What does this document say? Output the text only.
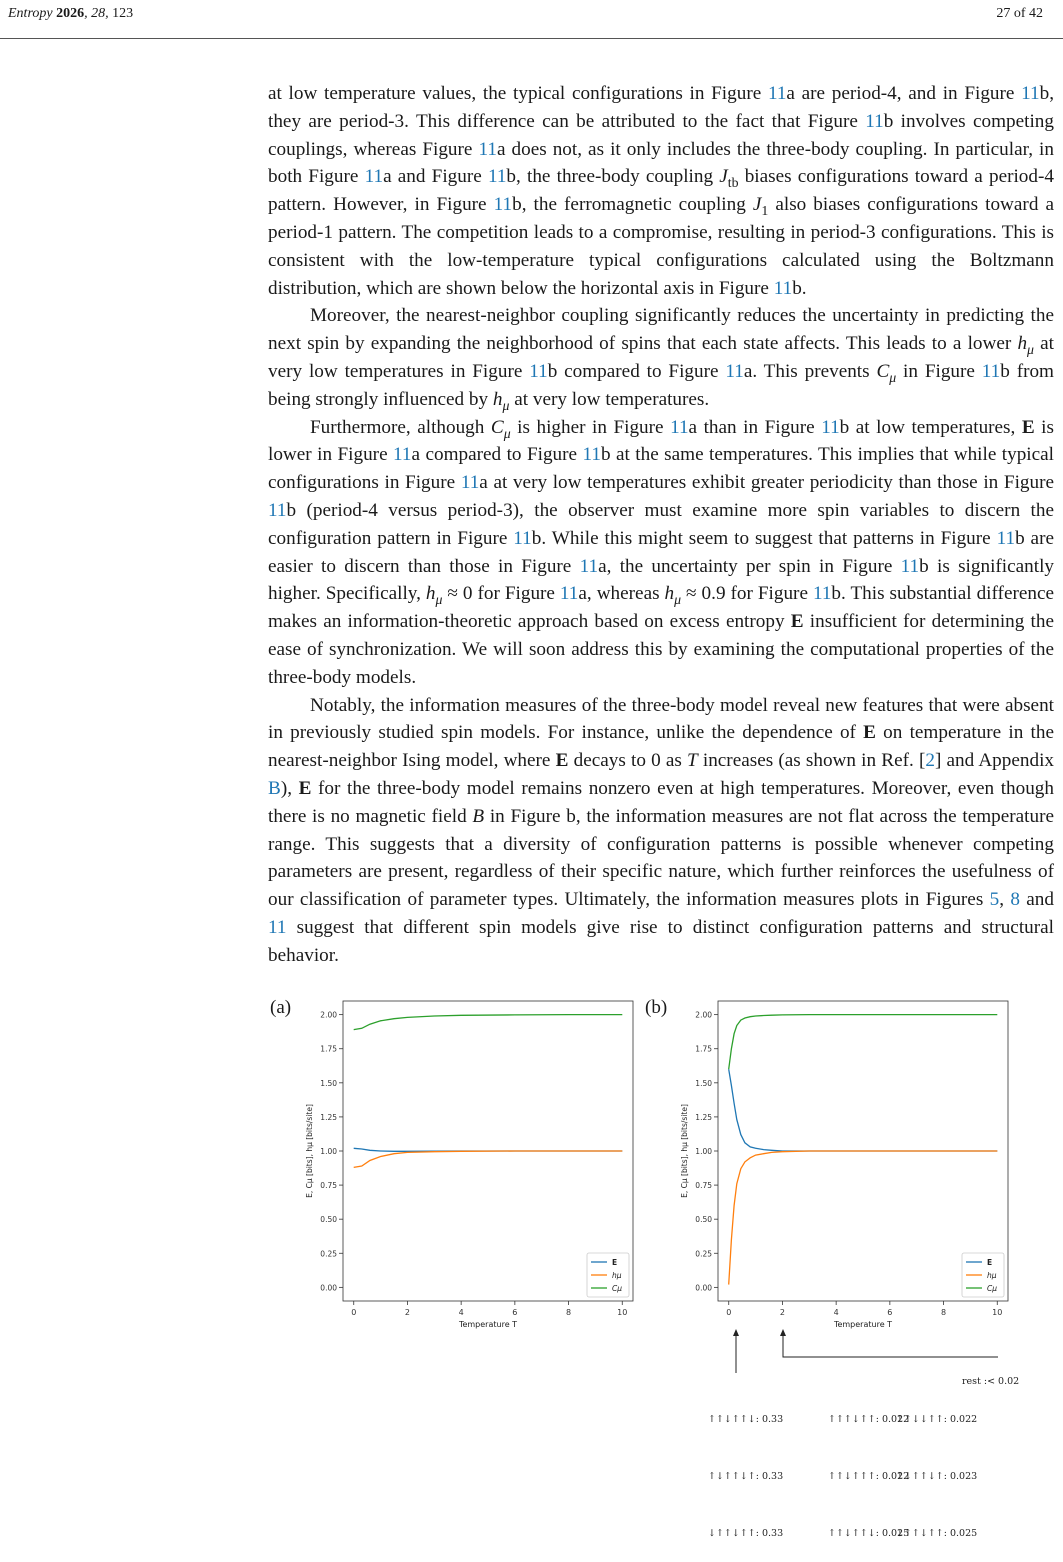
Entropy 2026, 28, 123	27 of 42

at low temperature values, the typical configurations in Figure 11a are period-4, and in Figure 11b, they are period-3. This difference can be attributed to the fact that Figure 11b involves competing couplings, whereas Figure 11a does not, as it only includes the three-body coupling. In particular, in both Figure 11a and Figure 11b, the three-body coupling $J_{tb}$ biases configurations toward a period-4 pattern. However, in Figure 11b, the ferromagnetic coupling $J_1$ also biases configurations toward a period-1 pattern. The competition leads to a compromise, resulting in period-3 configurations. This is consistent with the low-temperature typical configurations calculated using the Boltzmann distribution, which are shown below the horizontal axis in Figure 11b.

Moreover, the nearest-neighbor coupling significantly reduces the uncertainty in predicting the next spin by expanding the neighborhood of spins that each state affects. This leads to a lower $h_\mu$ at very low temperatures in Figure 11b compared to Figure 11a. This prevents $C_\mu$ in Figure 11b from being strongly influenced by $h_\mu$ at very low temperatures.

Furthermore, although $C_\mu$ is higher in Figure 11a than in Figure 11b at low temperatures, E is lower in Figure 11a compared to Figure 11b at the same temperatures. This implies that while typical configurations in Figure 11a at very low temperatures exhibit greater periodicity than those in Figure 11b (period-4 versus period-3), the observer must examine more spin variables to discern the configuration pattern in Figure 11b. While this might seem to suggest that patterns in Figure 11b are easier to discern than those in Figure 11a, the uncertainty per spin in Figure 11b is significantly higher. Specifically, $h_\mu \approx 0$ for Figure 11a, whereas $h_\mu \approx 0.9$ for Figure 11b. This substantial difference makes an information-theoretic approach based on excess entropy E insufficient for determining the ease of synchronization. We will soon address this by examining the computational properties of the three-body models.

Notably, the information measures of the three-body model reveal new features that were absent in previously studied spin models. For instance, unlike the dependence of E on temperature in the nearest-neighbor Ising model, where E decays to 0 as T increases (as shown in Ref. [2] and Appendix B), E for the three-body model remains nonzero even at high temperatures. Moreover, even though there is no magnetic field B in Figure b, the information measures are not flat across the temperature range. This suggests that a diversity of configuration patterns is possible whenever competing parameters are present, regardless of their specific nature, which further reinforces the usefulness of our classification of parameter types. Ultimately, the information measures plots in Figures 5, 8 and 11 suggest that different spin models give rise to distinct configuration patterns and structural behavior.

(a)	(b)
0	2	4	6	8	10
0.00
0.25
0.50
0.75
1.00
1.25
1.50
1.75
2.00
Temperature T
E, Cμ [bits], hμ [bits/site]
E
hμ
Cμ
0	2	4	6	8	10
0.00
0.25
0.50
0.75
1.00
1.25
1.50
1.75
2.00
Temperature T
E, Cμ [bits], hμ [bits/site]
E
hμ
Cμ

↑↑↓↑↑↓: 0.33

↑↓↑↑↓↑: 0.33

↓↑↑↓↑↑: 0.33

↑↑↑↓↑↑: 0.022

↑↑↓↑↑↑: 0.022

↑↑↓↑↑↓: 0.025

↑↑↓↓↑↑: 0.022

↑↓↑↑↓↑: 0.023

↓↑↑↓↑↑: 0.025

rest :< 0.02
